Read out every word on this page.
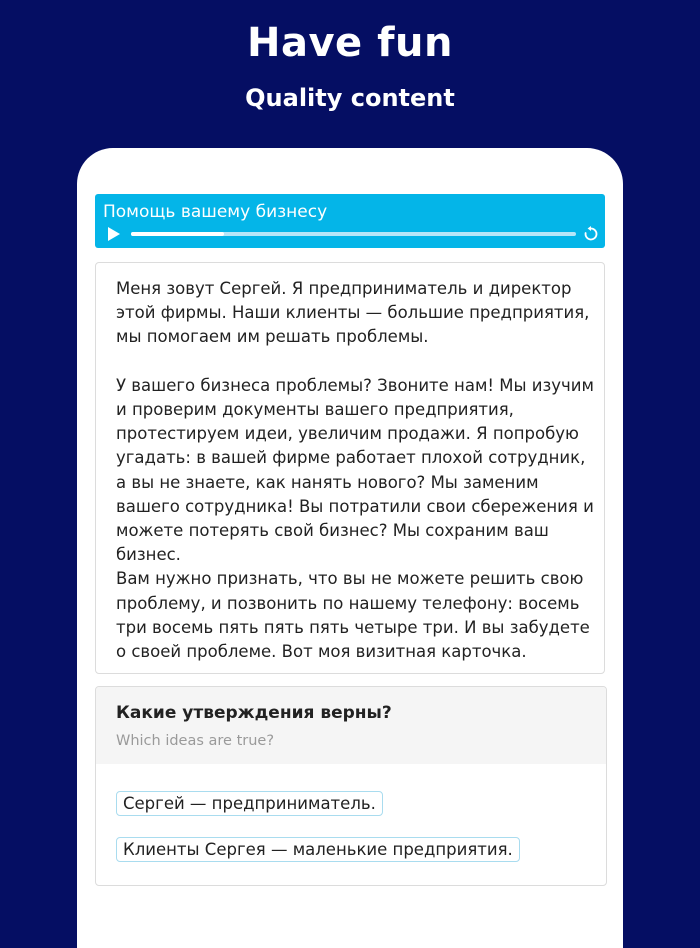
Have fun
Quality content
Помощь вашему бизнесу
Меня зовут Сергей. Я предприниматель и директор этой фирмы. Наши клиенты — большие предприятия, мы помогаем им решать проблемы.

У вашего бизнеса проблемы? Звоните нам! Мы изучим и проверим документы вашего предприятия, протестируем идеи, увеличим продажи. Я попробую угадать: в вашей фирме работает плохой сотрудник, а вы не знаете, как нанять нового? Мы заменим вашего сотрудника! Вы потратили свои сбережения и можете потерять свой бизнес? Мы сохраним ваш бизнес.
Вам нужно признать, что вы не можете решить свою проблему, и позвонить по нашему телефону: восемь три восемь пять пять пять четыре три. И вы забудете о своей проблеме. Вот моя визитная карточка.
Какие утверждения верны?
Which ideas are true?
Сергей — предприниматель.
Клиенты Сергея — маленькие предприятия.
